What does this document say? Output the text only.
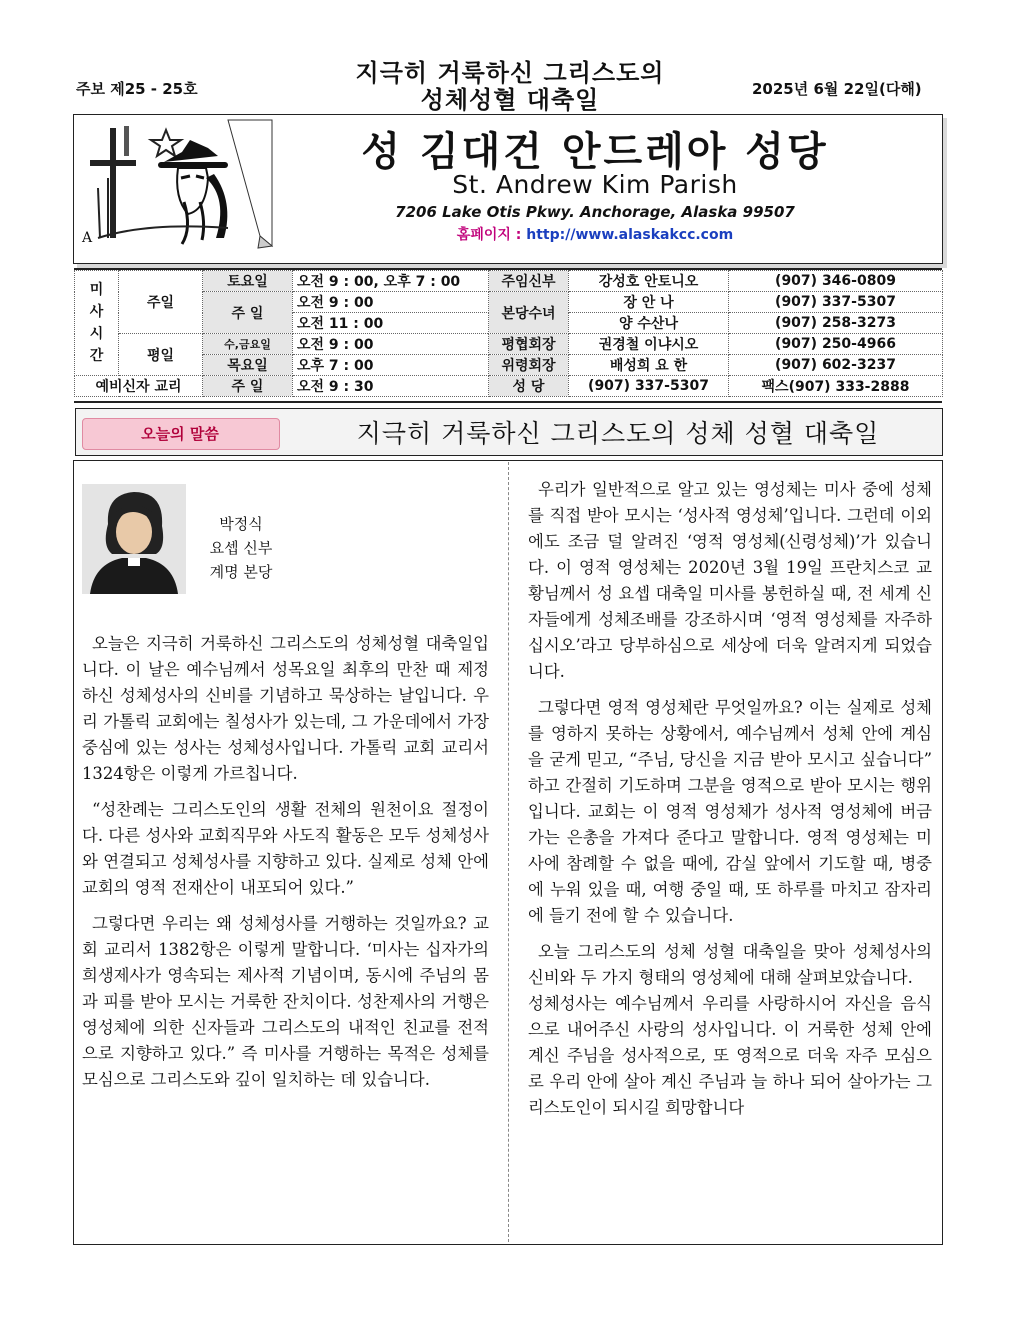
주보 제25 - 25호
지극히 거룩하신 그리스도의
성체성혈 대축일	2025년 6월 22일(다해)
A
성 김대건 안드레아 성당
St. Andrew Kim Parish
7206 Lake Otis Pkwy. Anchorage, Alaska 99507
홈페이지 : http://www.alaskakcc.com
미
사
시
간	주일	토요일	오전 9 : 00, 오후 7 : 00	주임신부	강성호 안토니오	(907) 346-0809
		주 일	오전 9 : 00	본당수녀	장 안 나	(907) 337-5307
			오전 11 : 00		양 수산나	(907) 258-3273
	평일	수,금요일	오전 9 : 00	평협회장	권경철 이냐시오	(907) 250-4966
		목요일	오후 7 : 00	위령회장	배성희 요 한	(907) 602-3237
예비신자 교리		주 일	오전 9 : 30	성 당	(907) 337-5307	팩스(907) 333-2888
오늘의 말씀	지극히 거룩하신 그리스도의 성체 성혈 대축일
박정식
요셉 신부
계명 본당

오늘은 지극히 거룩하신 그리스도의 성체성혈 대축일입니다. 이 날은 예수님께서 성목요일 최후의 만찬 때 제정하신 성체성사의 신비를 기념하고 묵상하는 날입니다. 우리 가톨릭 교회에는 칠성사가 있는데, 그 가운데에서 가장 중심에 있는 성사는 성체성사입니다. 가톨릭 교회 교리서 1324항은 이렇게 가르칩니다.

“성찬례는 그리스도인의 생활 전체의 원천이요 절정이다. 다른 성사와 교회직무와 사도직 활동은 모두 성체성사와 연결되고 성체성사를 지향하고 있다. 실제로 성체 안에 교회의 영적 전재산이 내포되어 있다.”

그렇다면 우리는 왜 성체성사를 거행하는 것일까요? 교회 교리서 1382항은 이렇게 말합니다. ‘미사는 십자가의 희생제사가 영속되는 제사적 기념이며, 동시에 주님의 몸과 피를 받아 모시는 거룩한 잔치이다. 성찬제사의 거행은 영성체에 의한 신자들과 그리스도의 내적인 친교를 전적으로 지향하고 있다.” 즉 미사를 거행하는 목적은 성체를 모심으로 그리스도와 깊이 일치하는 데 있습니다.

우리가 일반적으로 알고 있는 영성체는 미사 중에 성체를 직접 받아 모시는 ‘성사적 영성체’입니다. 그런데 이외에도 조금 덜 알려진 ‘영적 영성체(신령성체)’가 있습니다. 이 영적 영성체는 2020년 3월 19일 프란치스코 교황님께서 성 요셉 대축일 미사를 봉헌하실 때, 전 세계 신자들에게 성체조배를 강조하시며 ‘영적 영성체를 자주하십시오’라고 당부하심으로 세상에 더욱 알려지게 되었습니다.

그렇다면 영적 영성체란 무엇일까요? 이는 실제로 성체를 영하지 못하는 상황에서, 예수님께서 성체 안에 계심을 굳게 믿고, “주님, 당신을 지금 받아 모시고 싶습니다” 하고 간절히 기도하며 그분을 영적으로 받아 모시는 행위입니다. 교회는 이 영적 영성체가 성사적 영성체에 버금가는 은총을 가져다 준다고 말합니다. 영적 영성체는 미사에 참례할 수 없을 때에, 감실 앞에서 기도할 때, 병중에 누워 있을 때, 여행 중일 때, 또 하루를 마치고 잠자리에 들기 전에 할 수 있습니다.

오늘 그리스도의 성체 성혈 대축일을 맞아 성체성사의 신비와 두 가지 형태의 영성체에 대해 살펴보았습니다.

성체성사는 예수님께서 우리를 사랑하시어 자신을 음식으로 내어주신 사랑의 성사입니다. 이 거룩한 성체 안에 계신 주님을 성사적으로, 또 영적으로 더욱 자주 모심으로 우리 안에 살아 계신 주님과 늘 하나 되어 살아가는 그리스도인이 되시길 희망합니다
